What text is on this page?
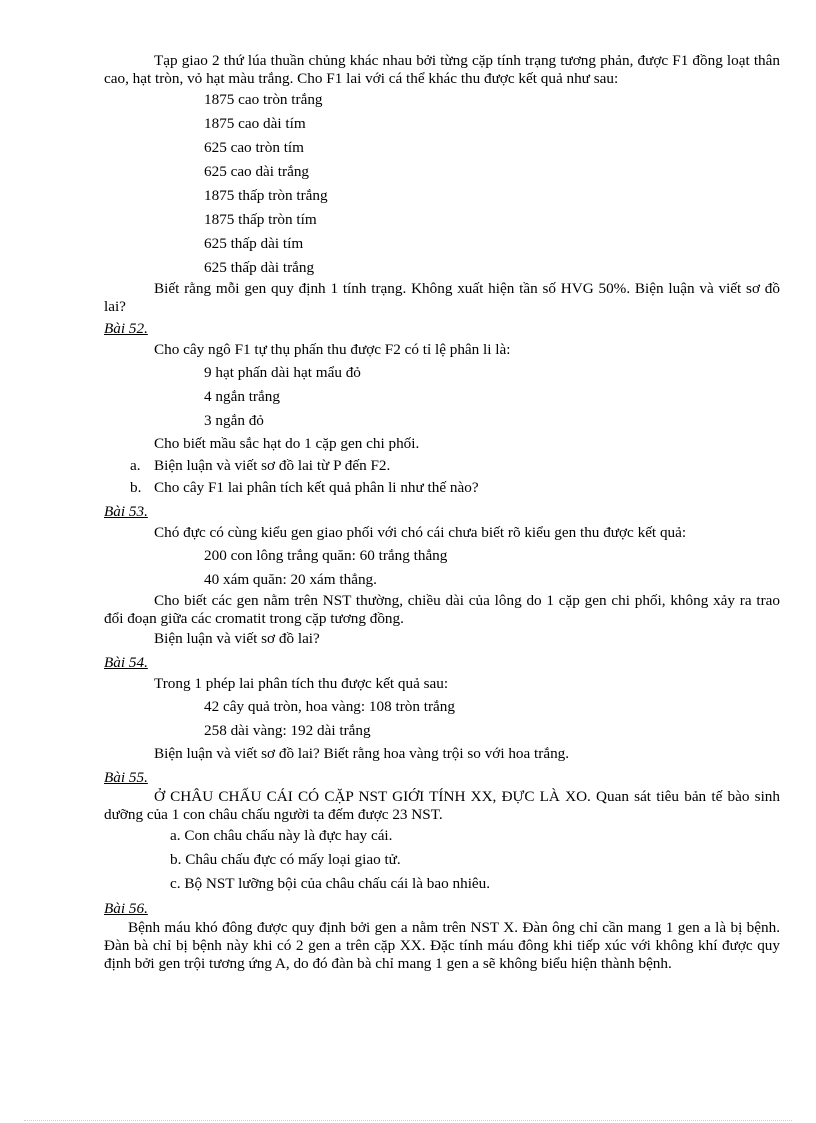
Tạp giao 2 thứ lúa thuần chủng khác nhau bởi từng cặp tính trạng tương phản, được F1 đồng loạt thân cao, hạt tròn, vỏ hạt màu trắng. Cho F1 lai với cá thể khác thu được kết quả như sau:

1875 cao tròn trắng

1875 cao dài tím

625 cao tròn tím

625 cao dài trắng

1875 thấp tròn trắng

1875 thấp tròn tím

625 thấp dài tím

625 thấp dài trắng

Biết rằng mỗi gen quy định 1 tính trạng. Không xuất hiện tần số HVG 50%. Biện luận và viết sơ đồ lai?

Bài 52.

Cho cây ngô F1 tự thụ phấn thu được F2 có tỉ lệ phân li là:

9 hạt phấn dài hạt mẩu đỏ

4 ngắn trắng

3 ngắn đỏ

Cho biết mầu sắc hạt do 1 cặp gen chi phối.

a. Biện luận và viết sơ đồ lai từ P đến F2.
b. Cho cây F1 lai phân tích kết quả phân li như thế nào?

Bài 53.

Chó đực có cùng kiểu gen giao phối với chó cái chưa biết rõ kiểu gen thu được kết quả:

200 con lông trắng quăn: 60 trắng thẳng

40 xám quăn: 20 xám thẳng.

Cho biết các gen nằm trên NST thường, chiều dài của lông do 1 cặp gen chi phối, không xảy ra trao đổi đoạn giữa các cromatit trong cặp tương đồng.

Biện luận và viết sơ đồ lai?

Bài 54.

Trong 1 phép lai phân tích thu được kết quả sau:

42 cây quả tròn, hoa vàng: 108 tròn trắng

258 dài vàng: 192 dài trắng

Biện luận và viết sơ đồ lai? Biết rằng hoa vàng trội so với hoa trắng.

Bài 55.

Ở CHÂU CHẤU CÁI CÓ CẶP NST GIỚI TÍNH XX, ĐỰC LÀ XO. Quan sát tiêu bản tế bào sinh dưỡng của 1 con châu chấu người ta đếm được 23 NST.

a. Con châu chấu này là đực hay cái.

b. Châu chấu đực có mấy loại giao tử.

c. Bộ NST lưỡng bội của châu chấu cái là bao nhiêu.

Bài 56.

Bệnh máu khó đông được quy định bởi gen a nằm trên NST X. Đàn ông chỉ cần mang 1 gen a là bị bệnh. Đàn bà chỉ bị bệnh này khi có 2 gen a trên cặp XX. Đặc tính máu đông khi tiếp xúc với không khí được quy định bởi gen trội tương ứng A, do đó đàn bà chỉ mang 1 gen a sẽ không biểu hiện thành bệnh.
